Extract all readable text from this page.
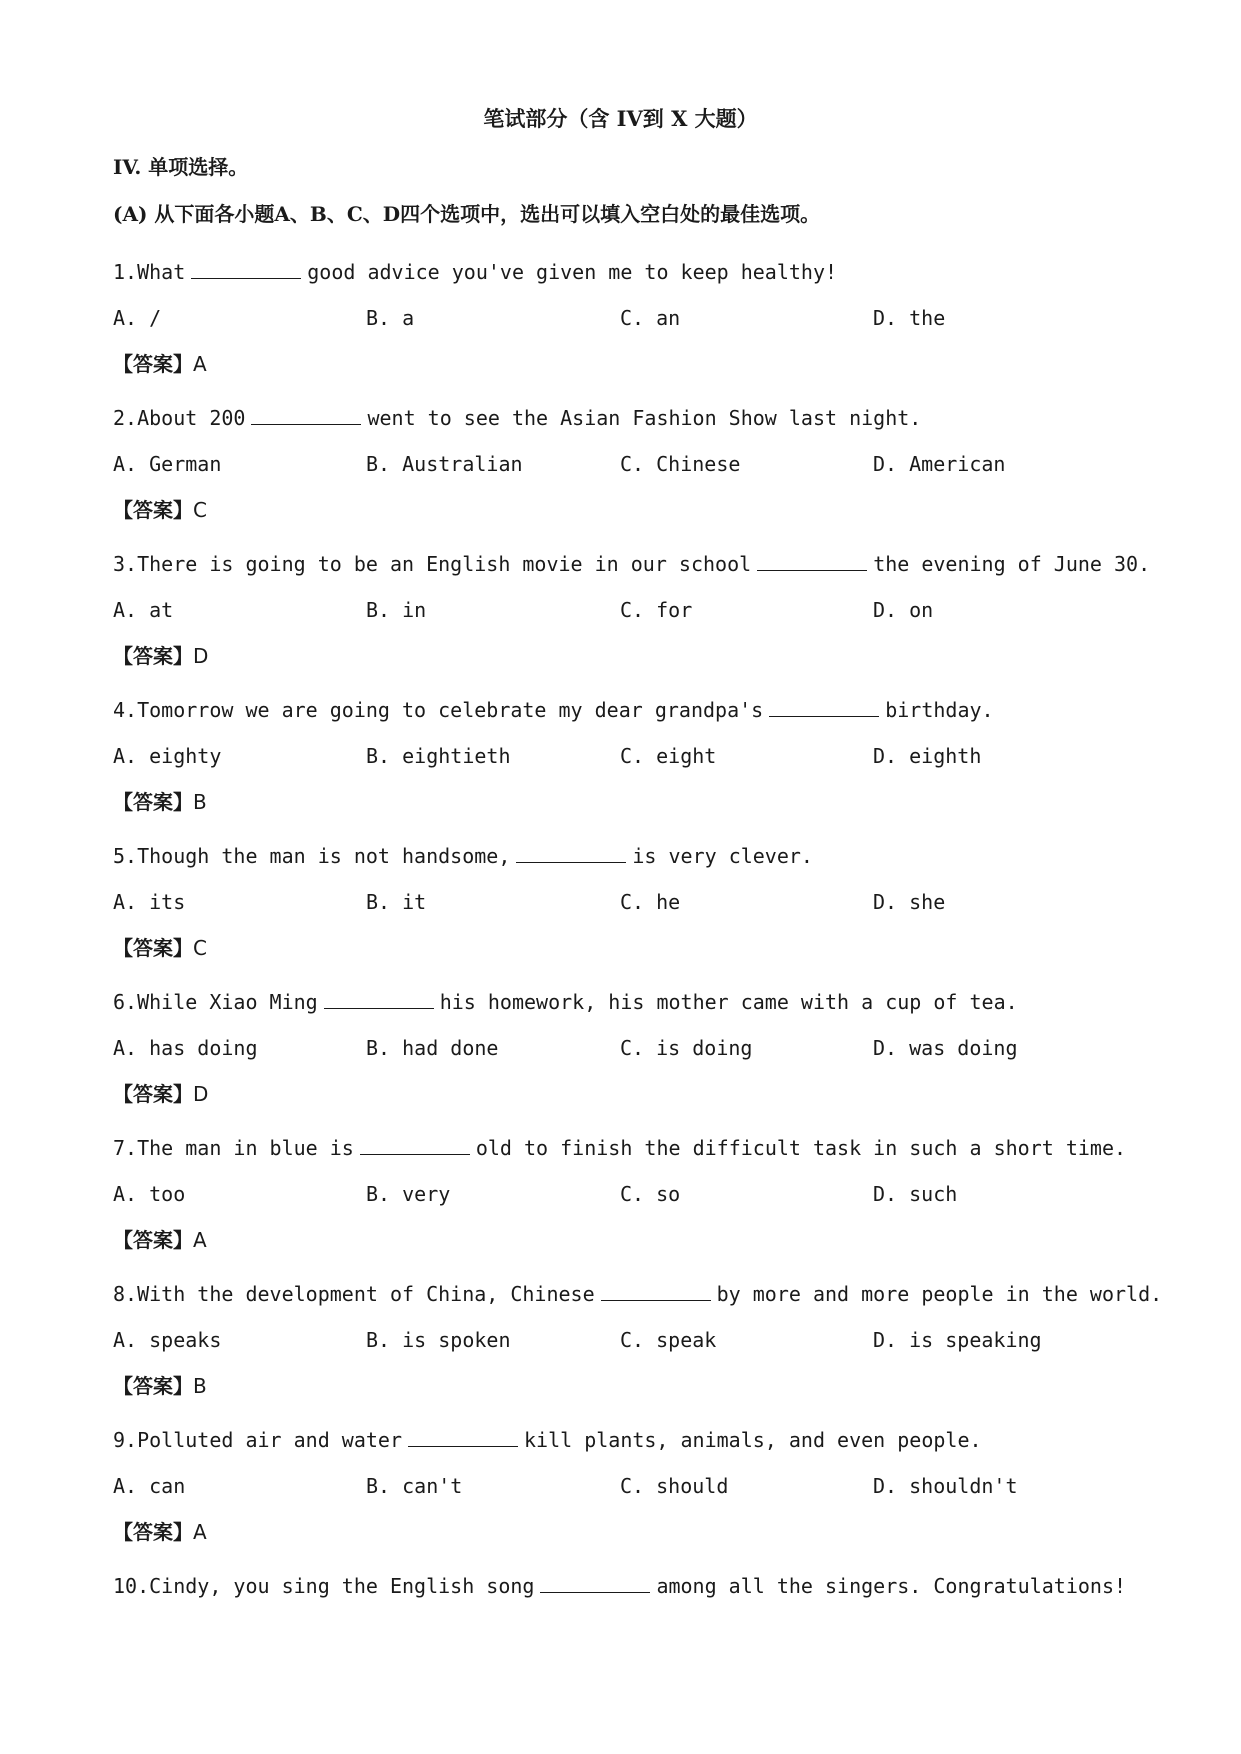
笔试部分（含 IV到 X 大题）
IV. 单项选择。
(A) 从下面各小题A、B、C、D四个选项中，选出可以填入空白处的最佳选项。
1.What	good advice you've given me to keep healthy!
A. /	B. a	C. an	D. the
【答案】A
2.About 200	went to see the Asian Fashion Show last night.
A. German	B. Australian	C. Chinese	D. American
【答案】C
3.There is going to be an English movie in our school	the evening of June 30.
A. at	B. in	C. for	D. on
【答案】D
4.Tomorrow we are going to celebrate my dear grandpa's	birthday.
A. eighty	B. eightieth	C. eight	D. eighth
【答案】B
5.Though the man is not handsome,	is very clever.
A. its	B. it	C. he	D. she
【答案】C
6.While Xiao Ming	his homework, his mother came with a cup of tea.
A. has doing	B. had done	C. is doing	D. was doing
【答案】D
7.The man in blue is	old to finish the difficult task in such a short time.
A. too	B. very	C. so	D. such
【答案】A
8.With the development of China, Chinese	by more and more people in the world.
A. speaks	B. is spoken	C. speak	D. is speaking
【答案】B
9.Polluted air and water	kill plants, animals, and even people.
A. can	B. can't	C. should	D. shouldn't
【答案】A
10.Cindy, you sing the English song	among all the singers. Congratulations!
